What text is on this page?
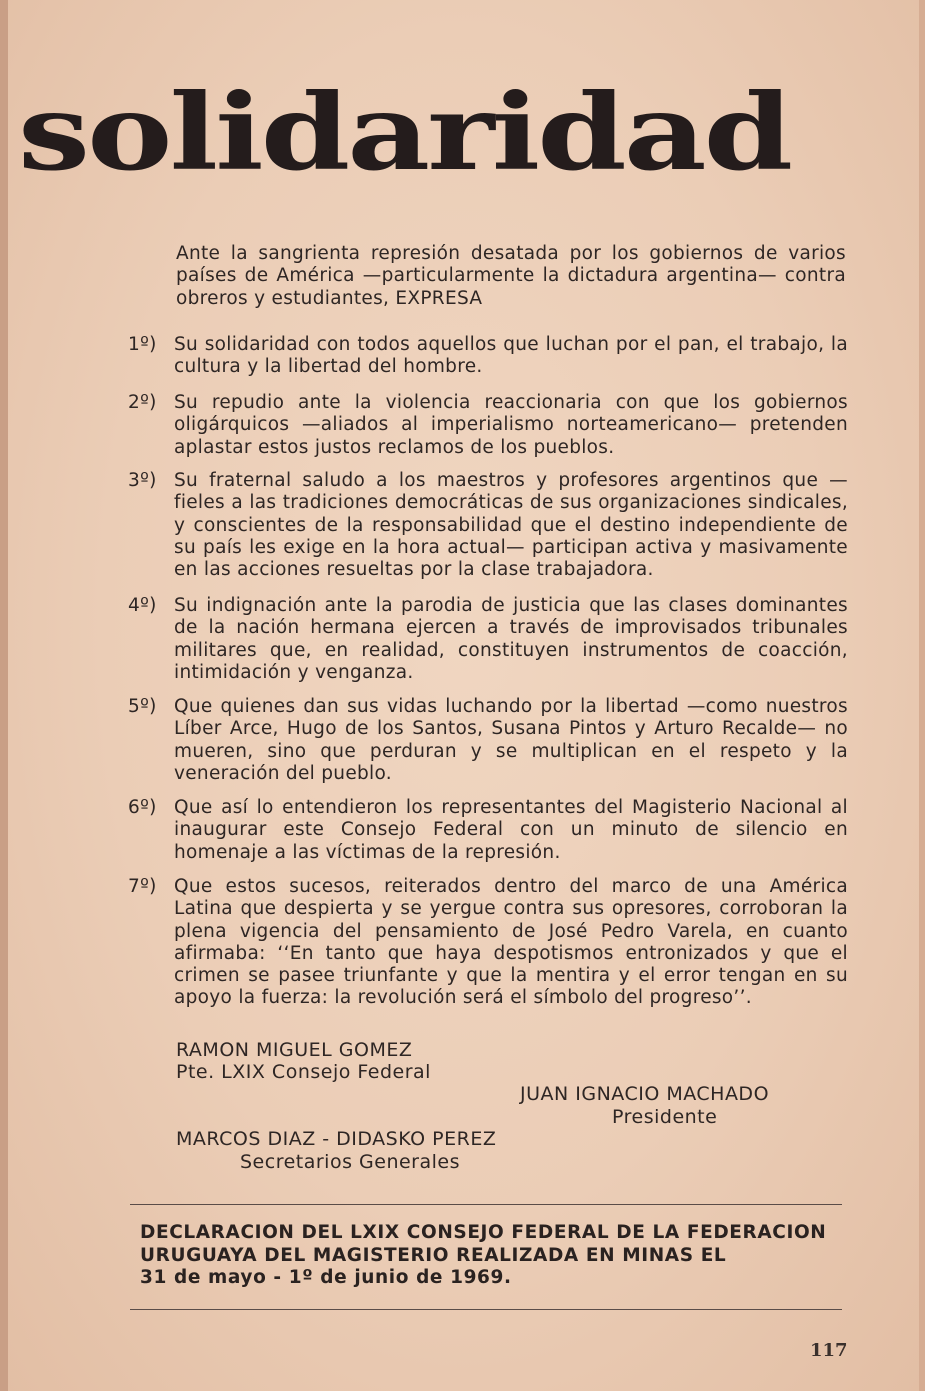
solidaridad
Ante la sangrienta represión desatada por los gobiernos de varios países de América —particularmente la dictadura argentina— contra obreros y estudiantes, EXPRESA
1º) Su solidaridad con todos aquellos que luchan por el pan, el trabajo, la cultura y la libertad del hombre.
2º) Su repudio ante la violencia reaccionaria con que los gobiernos oligárquicos —aliados al imperialismo norteamericano— pretenden aplastar estos justos reclamos de los pueblos.
3º) Su fraternal saludo a los maestros y profesores argentinos que —fieles a las tradiciones democráticas de sus organizaciones sindicales, y conscientes de la responsabilidad que el destino independiente de su país les exige en la hora actual— participan activa y masivamente en las acciones resueltas por la clase trabajadora.
4º) Su indignación ante la parodia de justicia que las clases dominantes de la nación hermana ejercen a través de improvisados tribunales militares que, en realidad, constituyen instrumentos de coacción, intimidación y venganza.
5º) Que quienes dan sus vidas luchando por la libertad —como nuestros Líber Arce, Hugo de los Santos, Susana Pintos y Arturo Recalde— no mueren, sino que perduran y se multiplican en el respeto y la veneración del pueblo.
6º) Que así lo entendieron los representantes del Magisterio Nacional al inaugurar este Consejo Federal con un minuto de silencio en homenaje a las víctimas de la represión.
7º) Que estos sucesos, reiterados dentro del marco de una América Latina que despierta y se yergue contra sus opresores, corroboran la plena vigencia del pensamiento de José Pedro Varela, en cuanto afirmaba: ‘‘En tanto que haya despotismos entronizados y que el crimen se pasee triunfante y que la mentira y el error tengan en su apoyo la fuerza: la revolución será el símbolo del progreso’’.
RAMON MIGUEL GOMEZ
Pte. LXIX Consejo Federal
JUAN IGNACIO MACHADO
Presidente
MARCOS DIAZ - DIDASKO PEREZ
Secretarios Generales
DECLARACION DEL LXIX CONSEJO FEDERAL DE LA FEDERACION
URUGUAYA DEL MAGISTERIO REALIZADA EN MINAS EL
31 de mayo - 1º de junio de 1969.
117
